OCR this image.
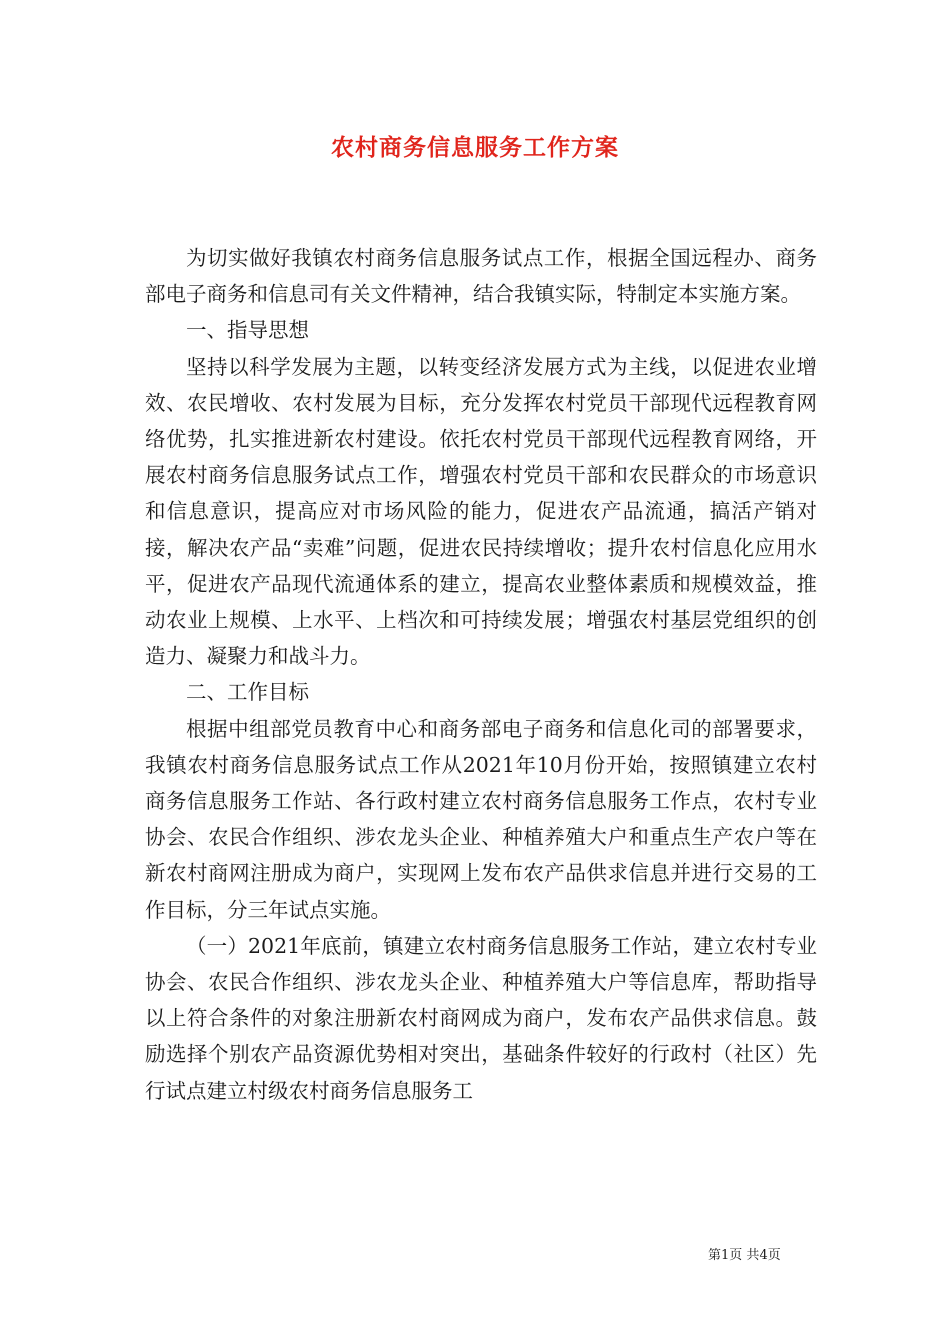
农村商务信息服务工作方案

为切实做好我镇农村商务信息服务试点工作，根据全国远程办、商务部电子商务和信息司有关文件精神，结合我镇实际，特制定本实施方案。

一、指导思想

坚持以科学发展为主题，以转变经济发展方式为主线，以促进农业增效、农民增收、农村发展为目标，充分发挥农村党员干部现代远程教育网络优势，扎实推进新农村建设。依托农村党员干部现代远程教育网络，开展农村商务信息服务试点工作，增强农村党员干部和农民群众的市场意识和信息意识，提高应对市场风险的能力，促进农产品流通，搞活产销对接，解决农产品“卖难”问题，促进农民持续增收；提升农村信息化应用水平，促进农产品现代流通体系的建立，提高农业整体素质和规模效益，推动农业上规模、上水平、上档次和可持续发展；增强农村基层党组织的创造力、凝聚力和战斗力。

二、工作目标

根据中组部党员教育中心和商务部电子商务和信息化司的部署要求，我镇农村商务信息服务试点工作从2021年10月份开始，按照镇建立农村商务信息服务工作站、各行政村建立农村商务信息服务工作点，农村专业协会、农民合作组织、涉农龙头企业、种植养殖大户和重点生产农户等在新农村商网注册成为商户，实现网上发布农产品供求信息并进行交易的工作目标，分三年试点实施。

（一）2021年底前，镇建立农村商务信息服务工作站，建立农村专业协会、农民合作组织、涉农龙头企业、种植养殖大户等信息库，帮助指导以上符合条件的对象注册新农村商网成为商户，发布农产品供求信息。鼓励选择个别农产品资源优势相对突出，基础条件较好的行政村（社区）先行试点建立村级农村商务信息服务工

第1页 共4页
